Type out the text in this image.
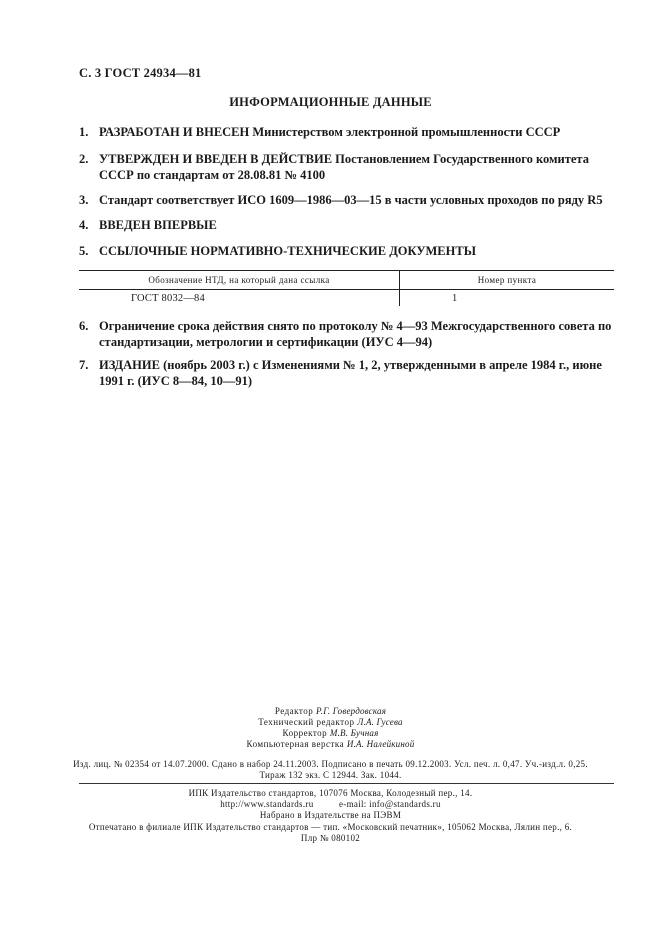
С. 3 ГОСТ 24934—81
ИНФОРМАЦИОННЫЕ ДАННЫЕ
1. РАЗРАБОТАН И ВНЕСЕН Министерством электронной промышленности СССР
2. УТВЕРЖДЕН И ВВЕДЕН В ДЕЙСТВИЕ Постановлением Государственного комитета СССР по стандартам от 28.08.81 № 4100
3. Стандарт соответствует ИСО 1609—1986—03—15 в части условных проходов по ряду R5
4. ВВЕДЕН ВПЕРВЫЕ
5. ССЫЛОЧНЫЕ НОРМАТИВНО-ТЕХНИЧЕСКИЕ ДОКУМЕНТЫ
Обозначение НТД, на который дана ссылка	Номер пункта
ГОСТ 8032—84	1
6. Ограничение срока действия снято по протоколу № 4—93 Межгосударственного совета по стандартизации, метрологии и сертификации (ИУС 4—94)
7. ИЗДАНИЕ (ноябрь 2003 г.) с Изменениями № 1, 2, утвержденными в апреле 1984 г., июне 1991 г. (ИУС 8—84, 10—91)
Редактор Р.Г. Говердовская
Технический редактор Л.А. Гусева
Корректор М.В. Бучная
Компьютерная верстка И.А. Налейкиной
Изд. лиц. № 02354 от 14.07.2000. Сдано в набор 24.11.2003. Подписано в печать 09.12.2003. Усл. печ. л. 0,47. Уч.-изд.л. 0,25.
Тираж 132 экз. С 12944. Зак. 1044.
ИПК Издательство стандартов, 107076 Москва, Колодезный пер., 14.
http://www.standards.ru	e-mail: info@standards.ru
Набрано в Издательстве на ПЭВМ
Отпечатано в филиале ИПК Издательство стандартов — тип. «Московский печатник», 105062 Москва, Лялин пер., 6.
Плр № 080102
